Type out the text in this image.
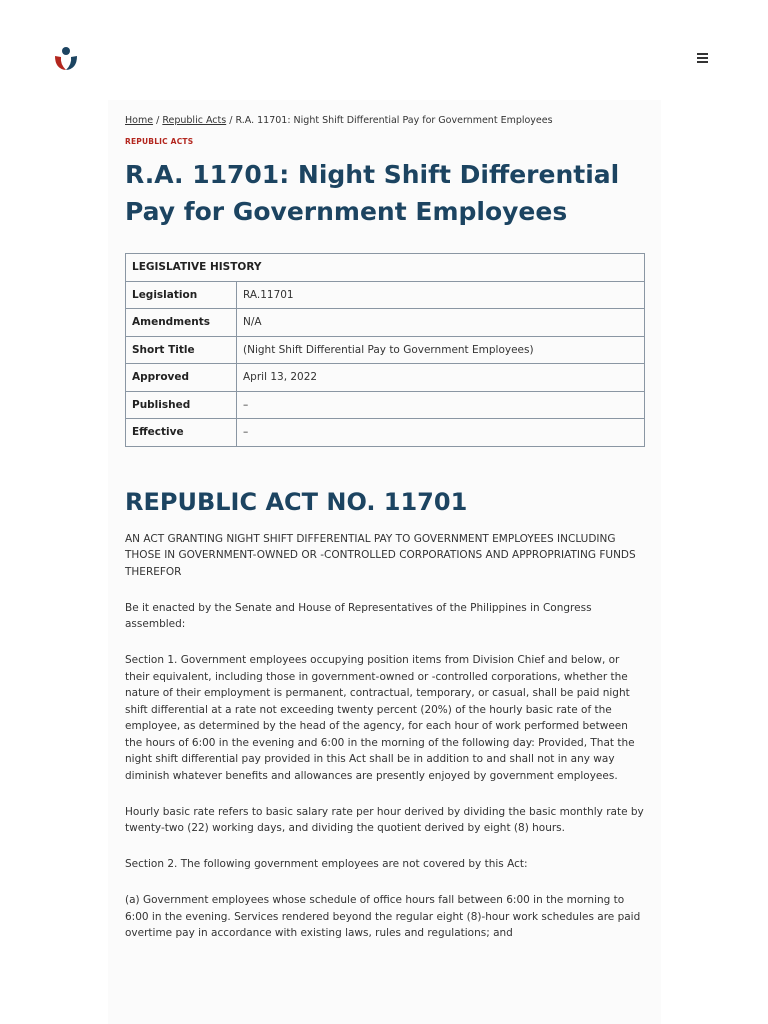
Home / Republic Acts / R.A. 11701: Night Shift Differential Pay for Government Employees
REPUBLIC ACTS
R.A. 11701: Night Shift Differential Pay for Government Employees
LEGISLATIVE HISTORY	
Legislation	RA.11701
Amendments	N/A
Short Title	(Night Shift Differential Pay to Government Employees)
Approved	April 13, 2022
Published	–
Effective	–
REPUBLIC ACT NO. 11701

AN ACT GRANTING NIGHT SHIFT DIFFERENTIAL PAY TO GOVERNMENT EMPLOYEES INCLUDING THOSE IN GOVERNMENT-OWNED OR -CONTROLLED CORPORATIONS AND APPROPRIATING FUNDS THEREFOR

Be it enacted by the Senate and House of Representatives of the Philippines in Congress assembled:

Section 1. Government employees occupying position items from Division Chief and below, or their equivalent, including those in government-owned or -controlled corporations, whether the nature of their employment is permanent, contractual, temporary, or casual, shall be paid night shift differential at a rate not exceeding twenty percent (20%) of the hourly basic rate of the employee, as determined by the head of the agency, for each hour of work performed between the hours of 6:00 in the evening and 6:00 in the morning of the following day: Provided, That the night shift differential pay provided in this Act shall be in addition to and shall not in any way diminish whatever benefits and allowances are presently enjoyed by government employees.

Hourly basic rate refers to basic salary rate per hour derived by dividing the basic monthly rate by twenty-two (22) working days, and dividing the quotient derived by eight (8) hours.

Section 2. The following government employees are not covered by this Act:

(a) Government employees whose schedule of office hours fall between 6:00 in the morning to 6:00 in the evening. Services rendered beyond the regular eight (8)-hour work schedules are paid overtime pay in accordance with existing laws, rules and regulations; and
